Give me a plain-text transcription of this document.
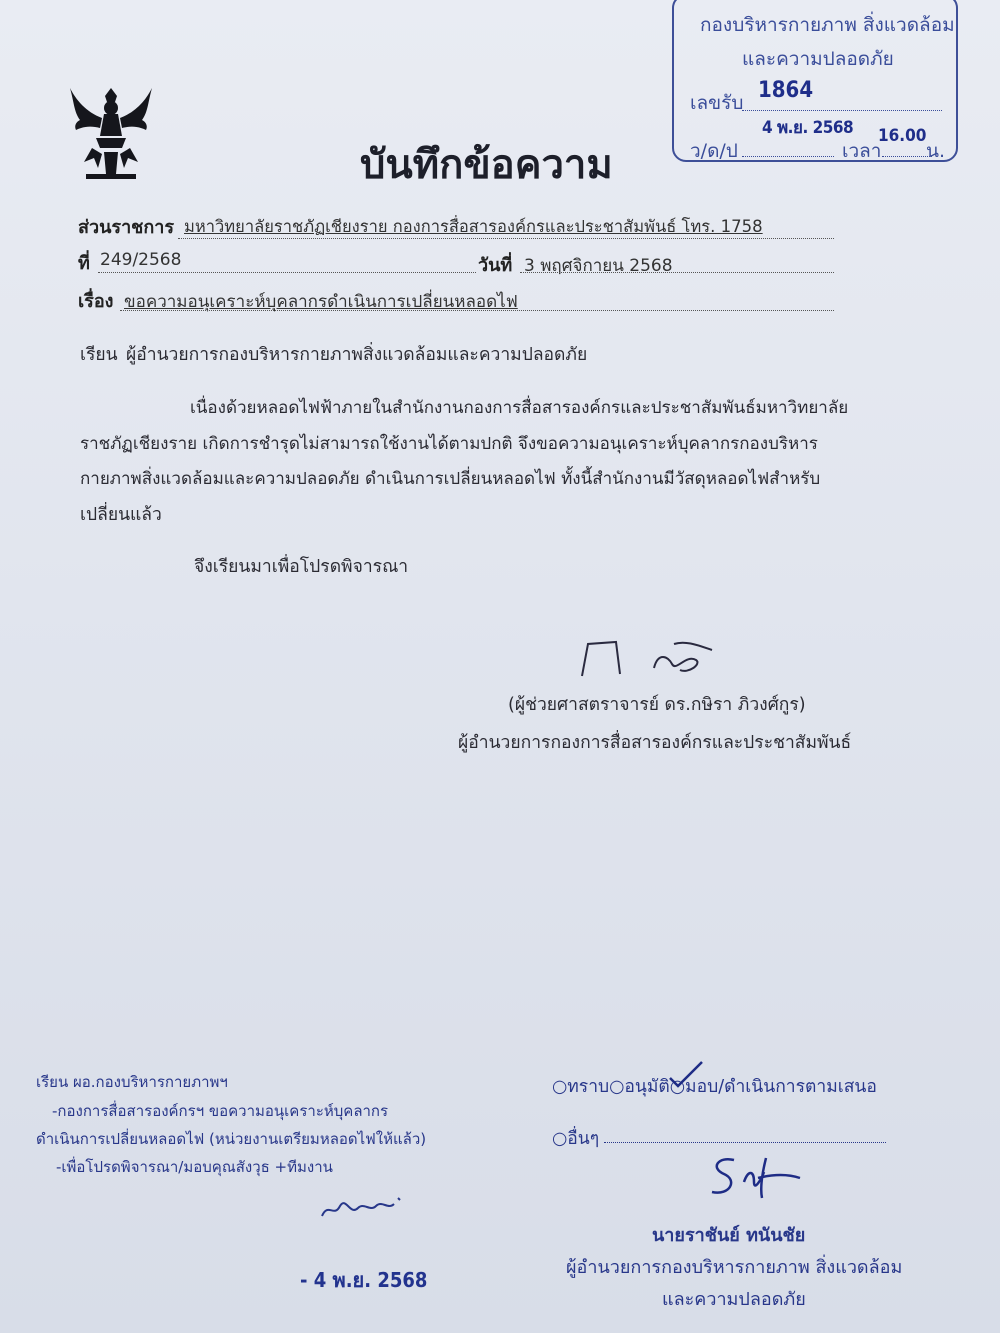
กองบริหารกายภาพ สิ่งแวดล้อม
และความปลอดภัย
เลขรับ 1864
4 พ.ย. 2568
ว/ด/ป	เวลา
16.00
น.
บันทึกข้อความ
ส่วนราชการ มหาวิทยาลัยราชภัฏเชียงราย กองการสื่อสารองค์กรและประชาสัมพันธ์ โทร. 1758
ที่ 249/2568	วันที่ 3 พฤศจิกายน 2568
เรื่อง ขอความอนุเคราะห์บุคลากรดำเนินการเปลี่ยนหลอดไฟ
เรียน ผู้อำนวยการกองบริหารกายภาพสิ่งแวดล้อมและความปลอดภัย
เนื่องด้วยหลอดไฟฟ้าภายในสำนักงานกองการสื่อสารองค์กรและประชาสัมพันธ์มหาวิทยาลัย
ราชภัฏเชียงราย เกิดการชำรุดไม่สามารถใช้งานได้ตามปกติ จึงขอความอนุเคราะห์บุคลากรกองบริหาร
กายภาพสิ่งแวดล้อมและความปลอดภัย ดำเนินการเปลี่ยนหลอดไฟ ทั้งนี้สำนักงานมีวัสดุหลอดไฟสำหรับ
เปลี่ยนแล้ว
จึงเรียนมาเพื่อโปรดพิจารณา
(ผู้ช่วยศาสตราจารย์ ดร.กษิรา ภิวงศ์กูร)
ผู้อำนวยการกองการสื่อสารองค์กรและประชาสัมพันธ์
เรียน ผอ.กองบริหารกายภาพฯ
-กองการสื่อสารองค์กรฯ ขอความอนุเคราะห์บุคลากร
ดำเนินการเปลี่ยนหลอดไฟ (หน่วยงานเตรียมหลอดไฟให้แล้ว)
-เพื่อโปรดพิจารณา/มอบคุณสังวุธ +ทีมงาน
- 4 พ.ย. 2568
○ทราบ○อนุมัติ○มอบ/ดำเนินการตามเสนอ
○อื่นๆ
นายราชันย์ ทนันชัย
ผู้อำนวยการกองบริหารกายภาพ สิ่งแวดล้อม
และความปลอดภัย
